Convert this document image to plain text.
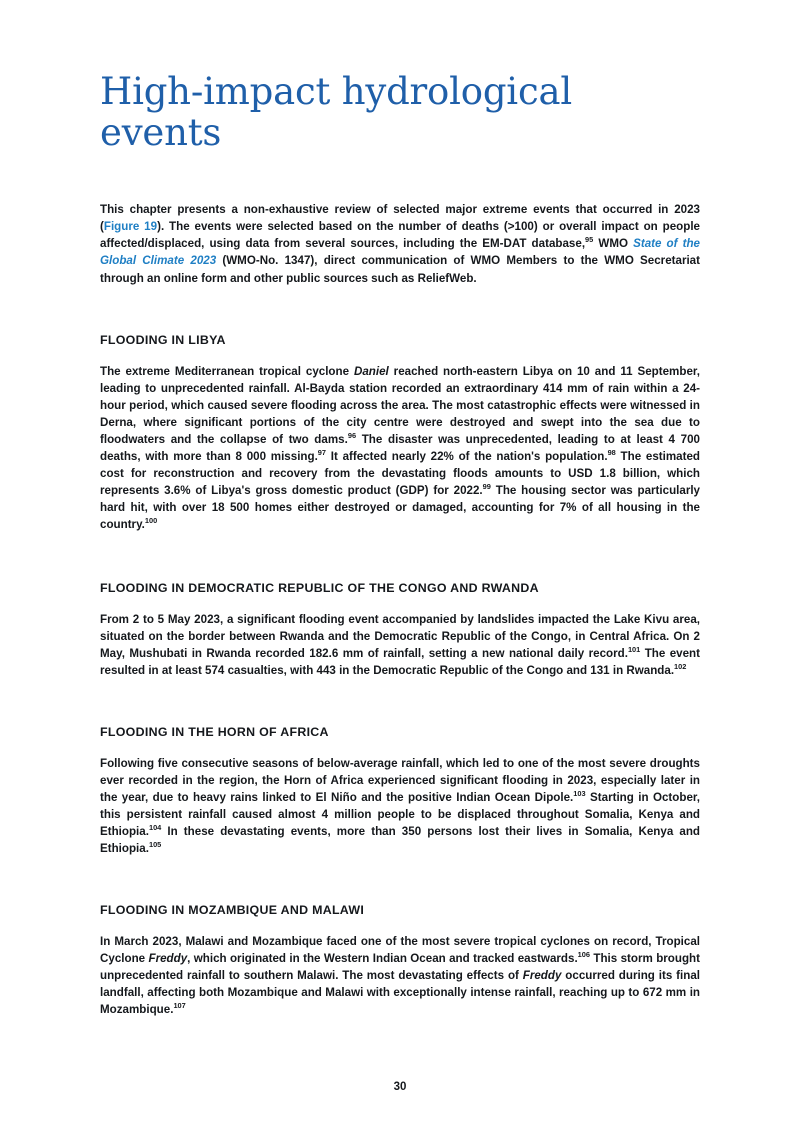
High-impact hydrological events

This chapter presents a non-exhaustive review of selected major extreme events that occurred in 2023 (Figure 19). The events were selected based on the number of deaths (>100) or overall impact on people affected/displaced, using data from several sources, including the EM-DAT database,$^{95}$ WMO State of the Global Climate 2023 (WMO-No. 1347), direct communication of WMO Members to the WMO Secretariat through an online form and other public sources such as ReliefWeb.

FLOODING IN LIBYA

The extreme Mediterranean tropical cyclone Daniel reached north-eastern Libya on 10 and 11 September, leading to unprecedented rainfall. Al-Bayda station recorded an extraordinary 414 mm of rain within a 24-hour period, which caused severe flooding across the area. The most catastrophic effects were witnessed in Derna, where significant portions of the city centre were destroyed and swept into the sea due to floodwaters and the collapse of two dams.$^{96}$ The disaster was unprecedented, leading to at least 4 700 deaths, with more than 8 000 missing.$^{97}$ It affected nearly 22% of the nation's population.$^{98}$ The estimated cost for reconstruction and recovery from the devastating floods amounts to USD 1.8 billion, which represents 3.6% of Libya's gross domestic product (GDP) for 2022.99 The housing sector was particularly hard hit, with over 18 500 homes either destroyed or damaged, accounting for 7% of all housing in the country.$^{100}$

FLOODING IN DEMOCRATIC REPUBLIC OF THE CONGO AND RWANDA

From 2 to 5 May 2023, a significant flooding event accompanied by landslides impacted the Lake Kivu area, situated on the border between Rwanda and the Democratic Republic of the Congo, in Central Africa. On 2 May, Mushubati in Rwanda recorded 182.6 mm of rainfall, setting a new national daily record.$^{101}$ The event resulted in at least 574 casualties, with 443 in the Democratic Republic of the Congo and 131 in Rwanda.$^{102}$

FLOODING IN THE HORN OF AFRICA

Following five consecutive seasons of below-average rainfall, which led to one of the most severe droughts ever recorded in the region, the Horn of Africa experienced significant flooding in 2023, especially later in the year, due to heavy rains linked to El Niño and the positive Indian Ocean Dipole.$^{103}$ Starting in October, this persistent rainfall caused almost 4 million people to be displaced throughout Somalia, Kenya and Ethiopia.$^{104}$ In these devastating events, more than 350 persons lost their lives in Somalia, Kenya and Ethiopia.$^{105}$

FLOODING IN MOZAMBIQUE AND MALAWI

In March 2023, Malawi and Mozambique faced one of the most severe tropical cyclones on record, Tropical Cyclone Freddy, which originated in the Western Indian Ocean and tracked eastwards.$^{106}$ This storm brought unprecedented rainfall to southern Malawi. The most devastating effects of Freddy occurred during its final landfall, affecting both Mozambique and Malawi with exceptionally intense rainfall, reaching up to 672 mm in Mozambique.$^{107}$

30
